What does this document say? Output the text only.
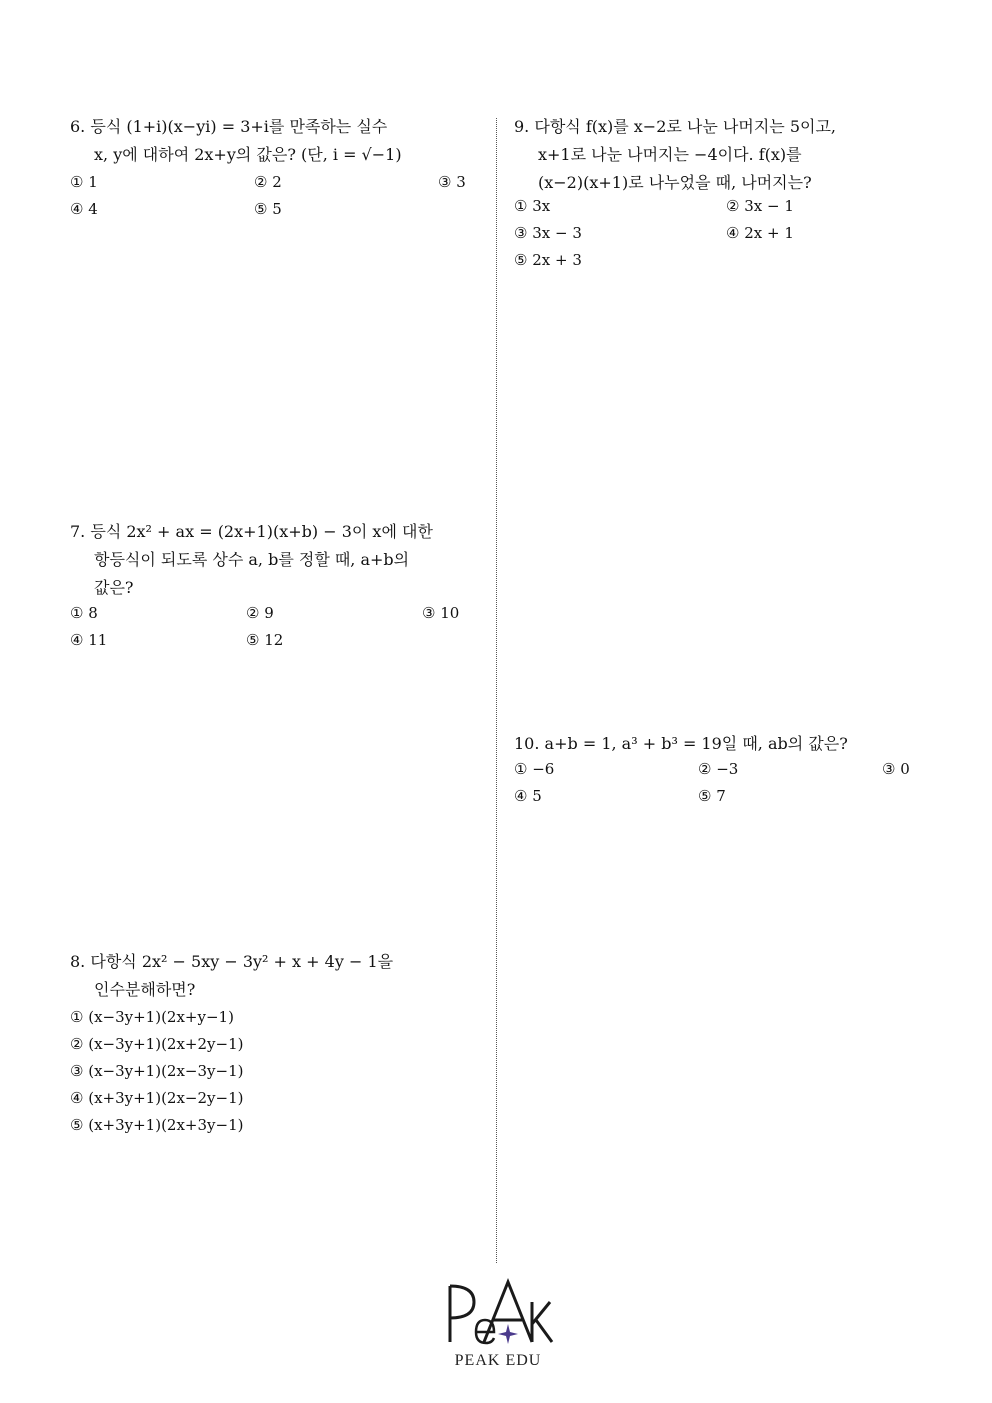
6. 등식 (1+i)(x−yi) = 3+i를 만족하는 실수
x, y에 대하여 2x+y의 값은? (단, i = √−1)
① 1	② 2	③ 3
④ 4	⑤ 5
7. 등식 2x² + ax = (2x+1)(x+b) − 3이 x에 대한
항등식이 되도록 상수 a, b를 정할 때, a+b의
값은?
① 8	② 9	③ 10
④ 11	⑤ 12
8. 다항식 2x² − 5xy − 3y² + x + 4y − 1을
인수분해하면?
① (x−3y+1)(2x+y−1)
② (x−3y+1)(2x+2y−1)
③ (x−3y+1)(2x−3y−1)
④ (x+3y+1)(2x−2y−1)
⑤ (x+3y+1)(2x+3y−1)
9. 다항식 f(x)를 x−2로 나눈 나머지는 5이고,
x+1로 나눈 나머지는 −4이다. f(x)를
(x−2)(x+1)로 나누었을 때, 나머지는?
① 3x	② 3x − 1
③ 3x − 3	④ 2x + 1
⑤ 2x + 3
10. a+b = 1, a³ + b³ = 19일 때, ab의 값은?
① −6	② −3	③ 0
④ 5	⑤ 7
PEAK EDU
